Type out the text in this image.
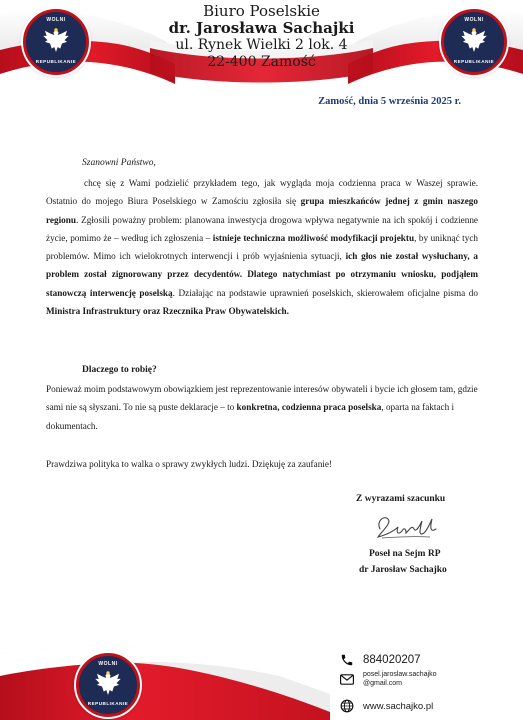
WOLNI
REPUBLIKANIE
WOLNI
REPUBLIKANIE
Biuro Poselskie
dr. Jarosława Sachajki
ul. Rynek Wielki 2 lok. 4
22-400 Zamość
Zamość, dnia 5 września 2025 r.
Szanowni Państwo,

chcę się z Wami podzielić przykładem tego, jak wygląda moja codzienna praca w Waszej sprawie. Ostatnio do mojego Biura Poselskiego w Zamościu zgłosiła się grupa mieszkańców jednej z gmin naszego regionu. Zgłosili poważny problem: planowana inwestycja drogowa wpływa negatywnie na ich spokój i codzienne życie, pomimo że – według ich zgłoszenia – istnieje techniczna możliwość modyfikacji projektu, by uniknąć tych problemów. Mimo ich wielokrotnych interwencji i prób wyjaśnienia sytuacji, ich głos nie został wysłuchany, a problem został zignorowany przez decydentów. Dlatego natychmiast po otrzymaniu wniosku, podjąłem stanowczą interwencję poselską. Działając na podstawie uprawnień poselskich, skierowałem oficjalne pisma do Ministra Infrastruktury oraz Rzecznika Praw Obywatelskich.

Dlaczego to robię?

Ponieważ moim podstawowym obowiązkiem jest reprezentowanie interesów obywateli i bycie ich głosem tam, gdzie sami nie są słyszani. To nie są puste deklaracje – to konkretna, codzienna praca poselska, oparta na faktach i dokumentach.

Prawdziwa polityka to walka o sprawy zwykłych ludzi. Dziękuję za zaufanie!

Z wyrazami szacunku
Poseł na Sejm RP
dr Jarosław Sachajko
WOLNI
REPUBLIKANIE
884020207
posel.jaroslaw.sachajko
@gmail.com
www.sachajko.pl
